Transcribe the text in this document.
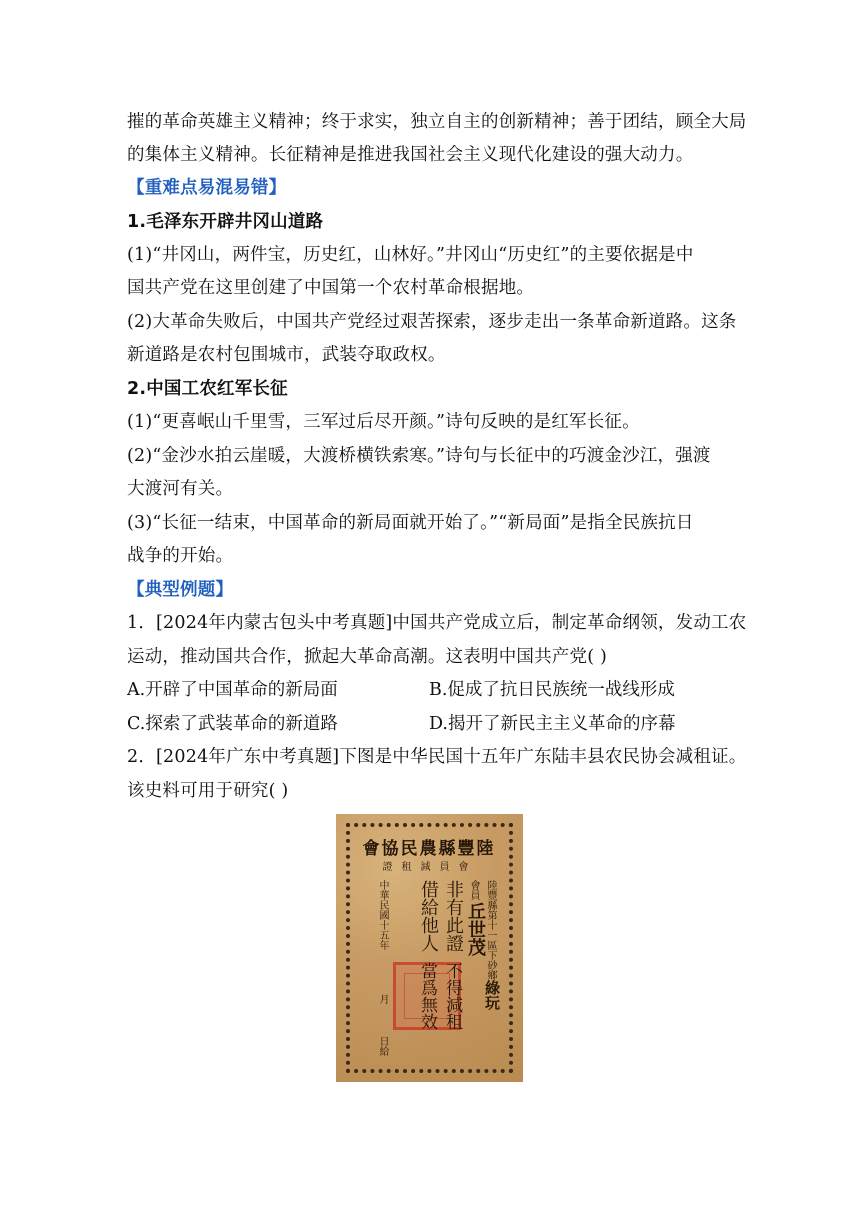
摧的革命英雄主义精神；终于求实，独立自主的创新精神；善于团结，顾全大局
的集体主义精神。长征精神是推进我国社会主义现代化建设的强大动力。
【重难点易混易错】
1.毛泽东开辟井冈山道路
(1)“井冈山，两件宝，历史红，山林好。”井冈山“历史红”的主要依据是中
国共产党在这里创建了中国第一个农村革命根据地。
(2)大革命失败后，中国共产党经过艰苦探索，逐步走出一条革命新道路。这条
新道路是农村包围城市，武装夺取政权。
2.中国工农红军长征
(1)“更喜岷山千里雪，三军过后尽开颜。”诗句反映的是红军长征。
(2)“金沙水拍云崖暖，大渡桥横铁索寒。”诗句与长征中的巧渡金沙江，强渡
大渡河有关。
(3)“长征一结束，中国革命的新局面就开始了。”“新局面”是指全民族抗日
战争的开始。
【典型例题】
1．[2024年内蒙古包头中考真题]中国共产党成立后，制定革命纲领，发动工农
运动，推动国共合作，掀起大革命高潮。这表明中国共产党( )
A.开辟了中国革命的新局面	B.促成了抗日民族统一战线形成
C.探索了武装革命的新道路	D.揭开了新民主主义革命的序幕
2．[2024年广东中考真题]下图是中华民国十五年广东陆丰县农民协会减租证。
该史料可用于研究( )
陸豐縣農民協會
會員減租證
陸豐縣第十一區下砂鄉
綠玩
會員
丘世茂
非有此證
借給他人
不得減租
當爲無效
中華民國十五年
月
日給
